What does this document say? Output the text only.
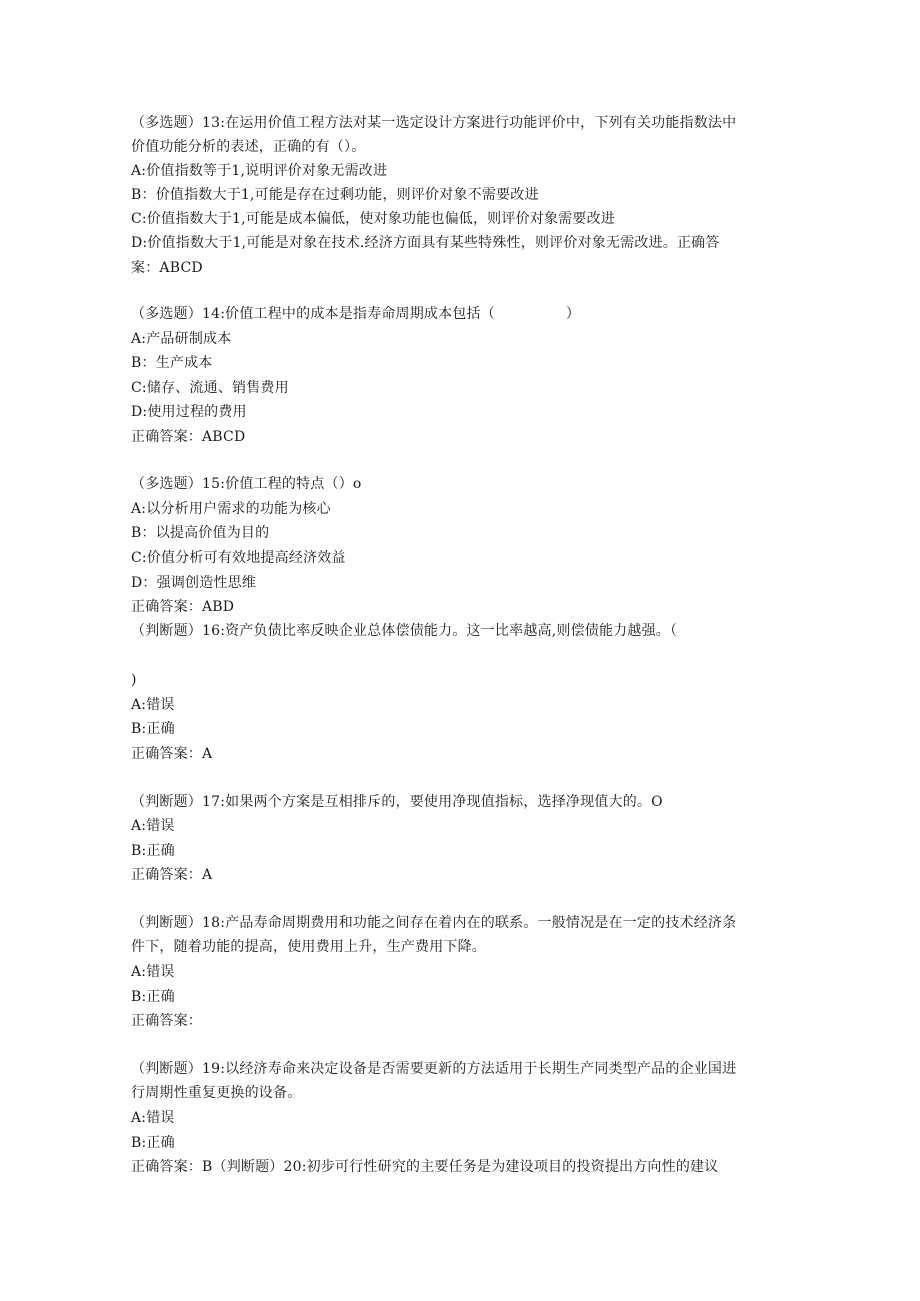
（多选题）13:在运用价值工程方法对某一选定设计方案进行功能评价中，下列有关功能指数法中
价值功能分析的表述，正确的有（）。
A:价值指数等于1,说明评价对象无需改进
B：价值指数大于1,可能是存在过剩功能，则评价对象不需要改进
C:价值指数大于1,可能是成本偏低，使对象功能也偏低，则评价对象需要改进
D:价值指数大于1,可能是对象在技术.经济方面具有某些特殊性，则评价对象无需改进。正确答
案：ABCD
（多选题）14:价值工程中的成本是指寿命周期成本包括（　　　　　）
A:产品研制成本
B：生产成本
C:储存、流通、销售费用
D:使用过程的费用
正确答案：ABCD
（多选题）15:价值工程的特点（）o
A:以分析用户需求的功能为核心
B：以提高价值为目的
C:价值分析可有效地提高经济效益
D：强调创造性思维
正确答案：ABD
（判断题）16:资产负债比率反映企业总体偿债能力。这一比率越高,则偿债能力越强。（
)
A:错误
B:正确
正确答案：A
（判断题）17:如果两个方案是互相排斥的，要使用净现值指标，选择净现值大的。O
A:错误
B:正确
正确答案：A
（判断题）18:产品寿命周期费用和功能之间存在着内在的联系。一般情况是在一定的技术经济条
件下，随着功能的提高，使用费用上升，生产费用下降。
A:错误
B:正确
正确答案：
（判断题）19:以经济寿命来决定设备是否需要更新的方法适用于长期生产同类型产品的企业国进
行周期性重复更换的设备。
A:错误
B:正确
正确答案：B（判断题）20:初步可行性研究的主要任务是为建设项目的投资提出方向性的建议
